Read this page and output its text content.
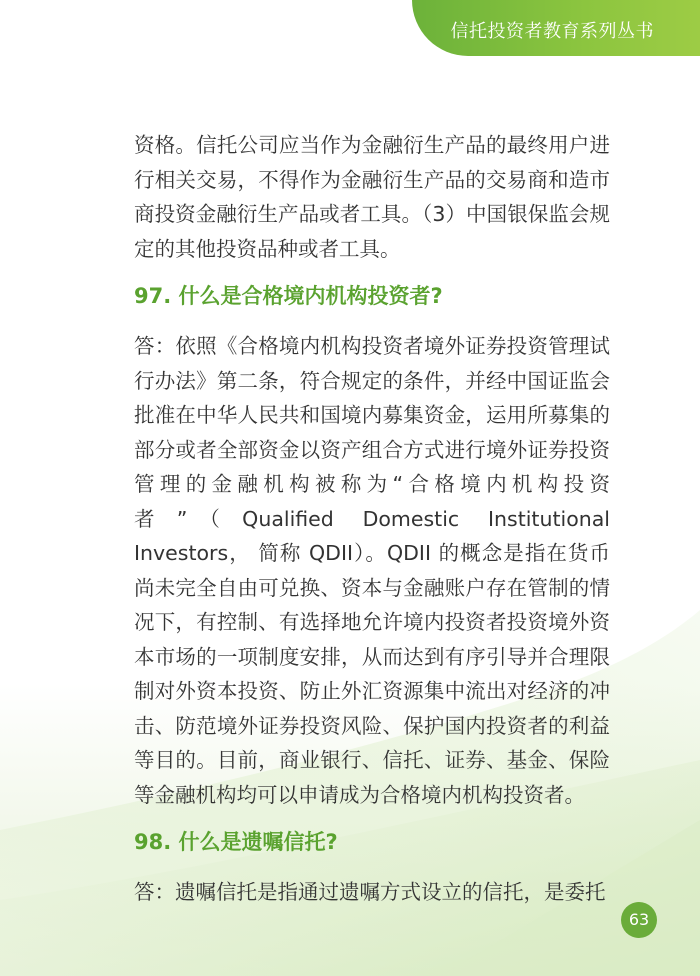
信托投资者教育系列丛书

资格。信托公司应当作为金融衍生产品的最终用户进行相关交易，不得作为金融衍生产品的交易商和造市商投资金融衍生产品或者工具。（3）中国银保监会规定的其他投资品种或者工具。

97. 什么是合格境内机构投资者?

答：依照《合格境内机构投资者境外证券投资管理试行办法》第二条，符合规定的条件，并经中国证监会批准在中华人民共和国境内募集资金，运用所募集的部分或者全部资金以资产组合方式进行境外证券投资管理的金融机构被称为“合格境内机构投资者”（Qualified Domestic Institutional Investors， 简称 QDII）。QDII 的概念是指在货币尚未完全自由可兑换、资本与金融账户存在管制的情况下，有控制、有选择地允许境内投资者投资境外资本市场的一项制度安排，从而达到有序引导并合理限制对外资本投资、防止外汇资源集中流出对经济的冲击、防范境外证券投资风险、保护国内投资者的利益等目的。目前，商业银行、信托、证券、基金、保险等金融机构均可以申请成为合格境内机构投资者。

98. 什么是遗嘱信托?

答：遗嘱信托是指通过遗嘱方式设立的信托，是委托

63
